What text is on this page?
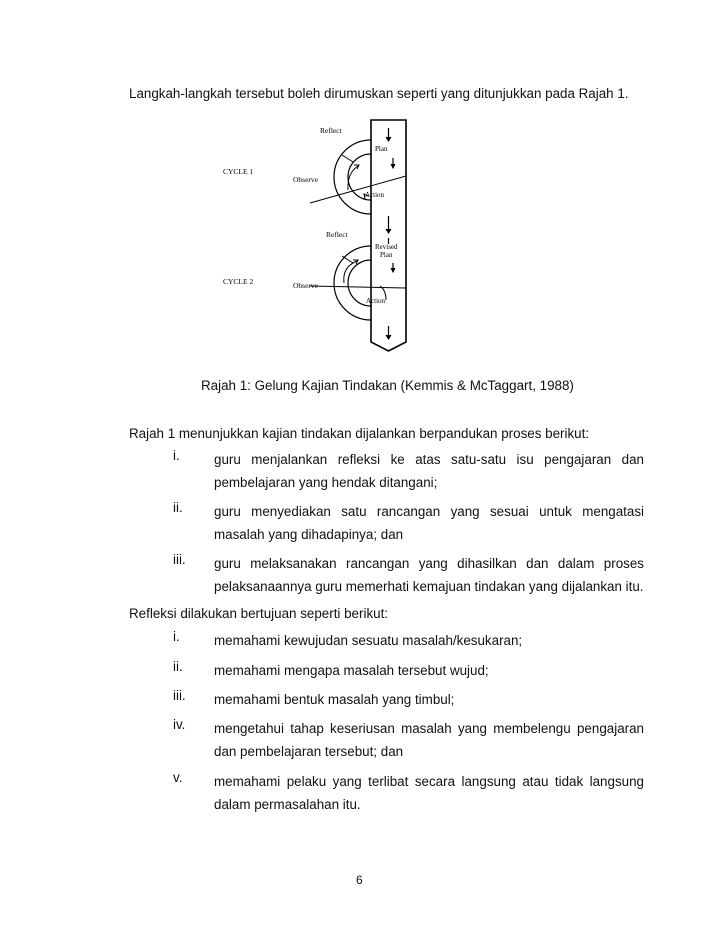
Langkah-langkah tersebut boleh dirumuskan seperti yang ditunjukkan pada Rajah 1.
Reflect
Plan
Observe
Action
CYCLE 1
Reflect
Revised
Plan
Observe
Action
CYCLE 2
Rajah 1: Gelung Kajian Tindakan (Kemmis & McTaggart, 1988)
Rajah 1 menunjukkan kajian tindakan dijalankan berpandukan proses berikut:
i.	guru menjalankan refleksi ke atas satu-satu isu pengajaran dan
pembelajaran yang hendak ditangani;
ii. guru menyediakan satu rancangan yang sesuai untuk mengatasi
masalah yang dihadapinya; dan
iii. guru melaksanakan rancangan yang dihasilkan dan dalam proses
pelaksanaannya guru memerhati kemajuan tindakan yang dijalankan itu.
Refleksi dilakukan bertujuan seperti berikut:
i.	memahami kewujudan sesuatu masalah/kesukaran;
ii. memahami mengapa masalah tersebut wujud;
iii. memahami bentuk masalah yang timbul;
iv. mengetahui tahap keseriusan masalah yang membelengu pengajaran
dan pembelajaran tersebut; dan
v. memahami pelaku yang terlibat secara langsung atau tidak langsung
dalam permasalahan itu.
6
